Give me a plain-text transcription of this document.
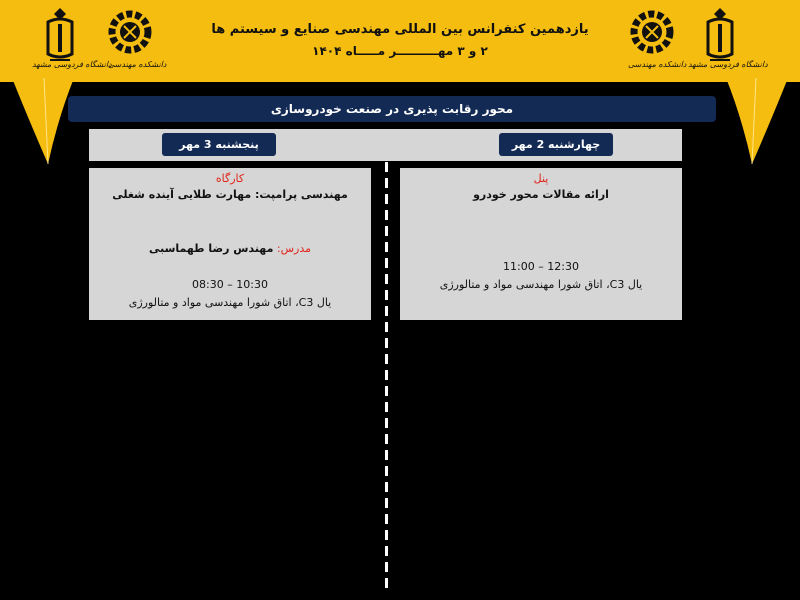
دانشگاه فردوسی مشهد
دانشکده مهندسی	دانشکده مهندسی دانشگاه فردوسی مشهد
یازدهمین کنفرانس بین المللی مهندسی صنایع و سیستم ها
۲ و ۳ مهــــــــــر مـــــاه ۱۴۰۴
محور رقابت پذیری در صنعت خودروسازی
چهارشنبه 2 مهر
پنجشنبه 3 مهر
پنل
ارائه مقالات محور خودرو
11:00 – 12:30
یال C3، اتاق شورا مهندسی مواد و متالورژی
کارگاه
مهندسی پرامپت: مهارت طلایی آینده شغلی
مدرس: مهندس رضا طهماسبی
08:30 – 10:30
یال C3، اتاق شورا مهندسی مواد و متالورژی
